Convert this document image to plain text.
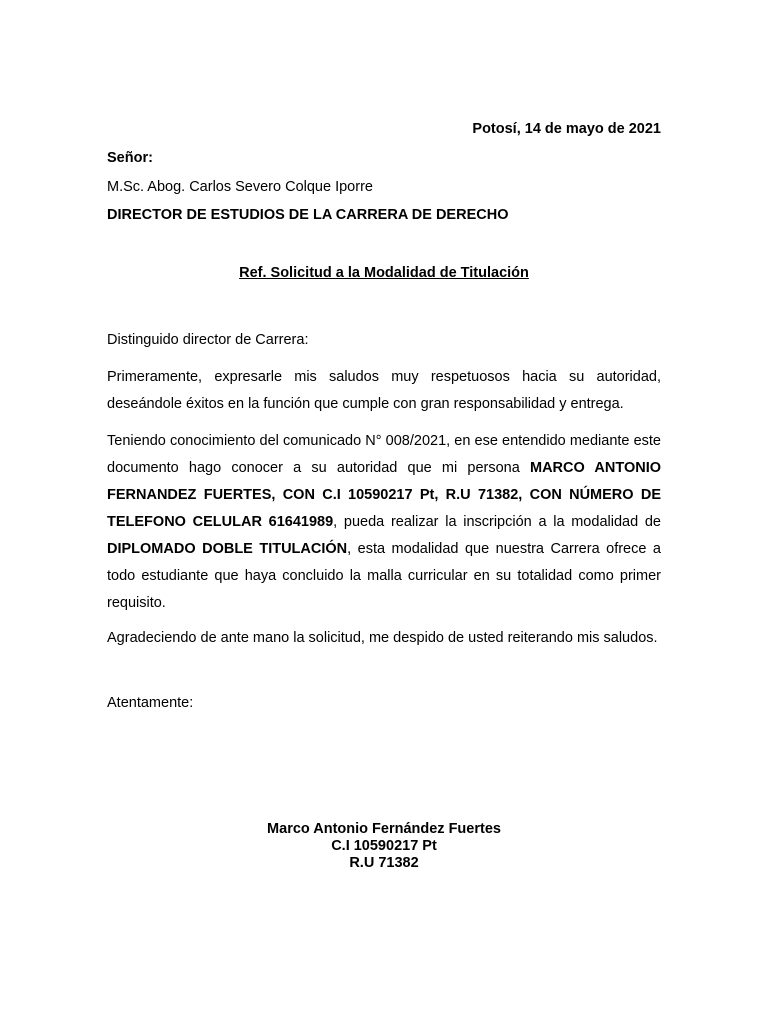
Potosí, 14 de mayo de 2021
Señor:
M.Sc. Abog. Carlos Severo Colque Iporre
DIRECTOR DE ESTUDIOS DE LA CARRERA DE DERECHO
Ref. Solicitud a la Modalidad de Titulación
Distinguido director de Carrera:
Primeramente, expresarle mis saludos muy respetuosos hacia su autoridad, deseándole éxitos en la función que cumple con gran responsabilidad y entrega.
Teniendo conocimiento del comunicado N° 008/2021, en ese entendido mediante este documento hago conocer a su autoridad que mi persona MARCO ANTONIO FERNANDEZ FUERTES, CON C.I 10590217 Pt, R.U 71382, CON NÚMERO DE TELEFONO CELULAR 61641989, pueda realizar la inscripción a la modalidad de DIPLOMADO DOBLE TITULACIÓN, esta modalidad que nuestra Carrera ofrece a todo estudiante que haya concluido la malla curricular en su totalidad como primer requisito.
Agradeciendo de ante mano la solicitud, me despido de usted reiterando mis saludos.
Atentamente:
Marco Antonio Fernández Fuertes
C.I 10590217 Pt
R.U 71382
